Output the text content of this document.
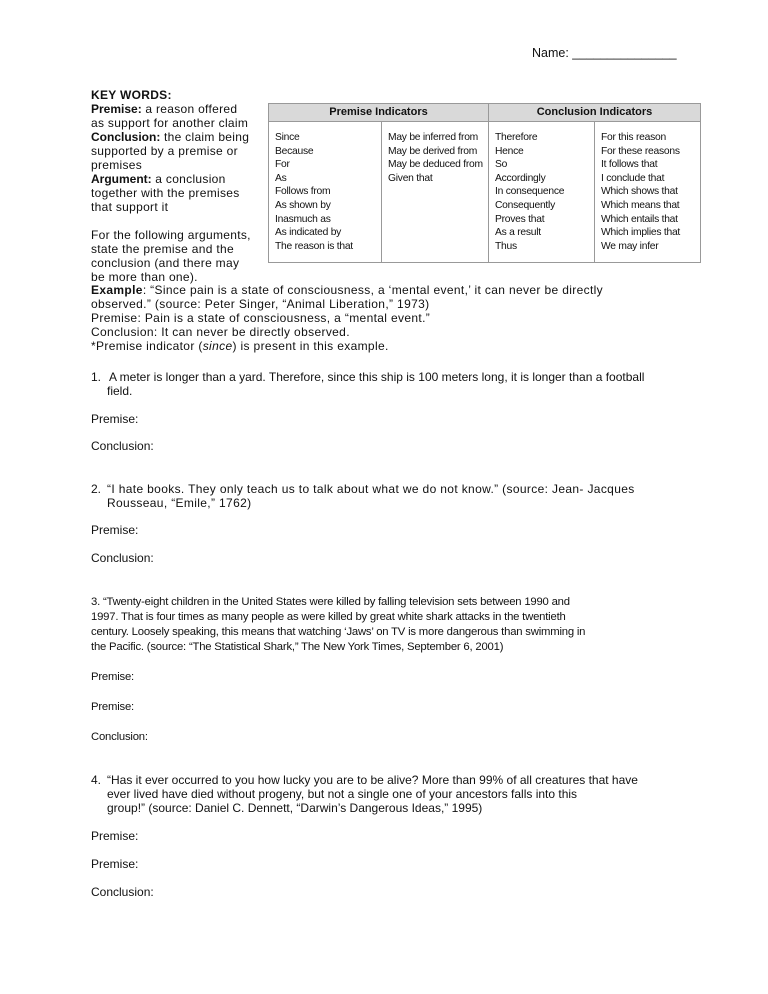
Name: _______________
KEY WORDS:
Premise: a reason offered
as support for another claim
Conclusion: the claim being
supported by a premise or
premises
Argument: a conclusion
together with the premises
that support it
For the following arguments,
state the premise and the
conclusion (and there may
be more than one).
Premise Indicators	Conclusion Indicators
Since
Because
For
As
Follows from
As shown by
Inasmuch as
As indicated by
The reason is that
May be inferred from
May be derived from
May be deduced from
Given that
Therefore
Hence
So
Accordingly
In consequence
Consequently
Proves that
As a result
Thus
For this reason
For these reasons
It follows that
I conclude that
Which shows that
Which means that
Which entails that
Which implies that
We may infer
Example: “Since pain is a state of consciousness, a ‘mental event,’ it can never be directly
observed.” (source: Peter Singer, “Animal Liberation,” 1973)
Premise: Pain is a state of consciousness, a “mental event.”
Conclusion: It can never be directly observed.
*Premise indicator (since) is present in this example.
1. A meter is longer than a yard. Therefore, since this ship is 100 meters long, it is longer than a football
field.
Premise:
Conclusion:
2. “I hate books. They only teach us to talk about what we do not know.” (source: Jean- Jacques
Rousseau, “Emile,” 1762)
Premise:
Conclusion:
3. “Twenty-eight children in the United States were killed by falling television sets between 1990 and
1997. That is four times as many people as were killed by great white shark attacks in the twentieth
century. Loosely speaking, this means that watching ‘Jaws’ on TV is more dangerous than swimming in
the Pacific. (source: “The Statistical Shark,” The New York Times, September 6, 2001)
Premise:
Premise:
Conclusion:
4. “Has it ever occurred to you how lucky you are to be alive? More than 99% of all creatures that have
ever lived have died without progeny, but not a single one of your ancestors falls into this
group!” (source: Daniel C. Dennett, “Darwin’s Dangerous Ideas,” 1995)
Premise:
Premise:
Conclusion:
